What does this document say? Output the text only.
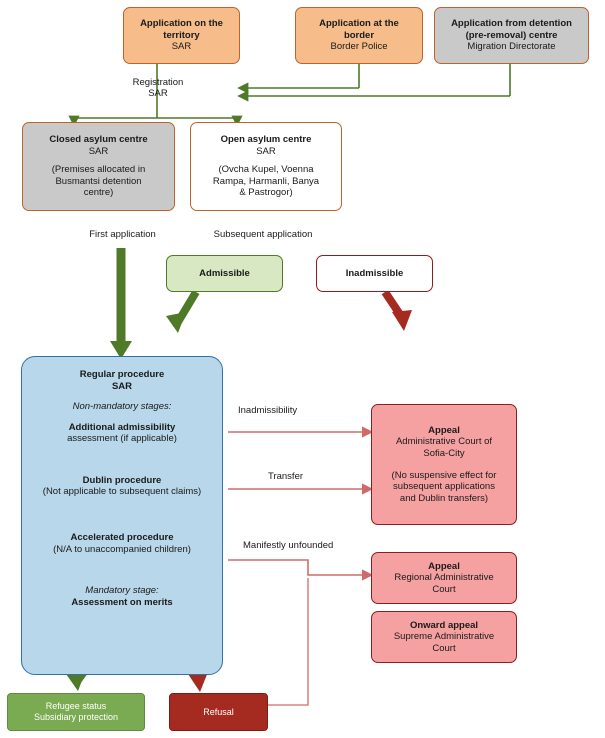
Application on the
territory
SAR
Application at the
border
Border Police
Application from detention
(pre-removal) centre
Migration Directorate
Registration
SAR
Closed asylum centre
SAR
(Premises allocated in
Busmantsi detention
centre)
Open asylum centre
SAR
(Ovcha Kupel, Voenna
Rampa, Harmanli, Banya
& Pastrogor)
First application	Subsequent application
Admissible	Inadmissible
Regular procedure
SAR
Non-mandatory stages:
Additional admissibility
assessment (if applicable)
Dublin procedure
(Not applicable to subsequent claims)
Accelerated procedure
(N/A to unaccompanied children)
Mandatory stage:
Assessment on merits
Inadmissibility
Transfer
Manifestly unfounded
Appeal
Administrative Court of
Sofia-City
(No suspensive effect for
subsequent applications
and Dublin transfers)
Appeal
Regional Administrative
Court
Onward appeal
Supreme Administrative
Court
Refugee status
Subsidiary protection
Refusal
